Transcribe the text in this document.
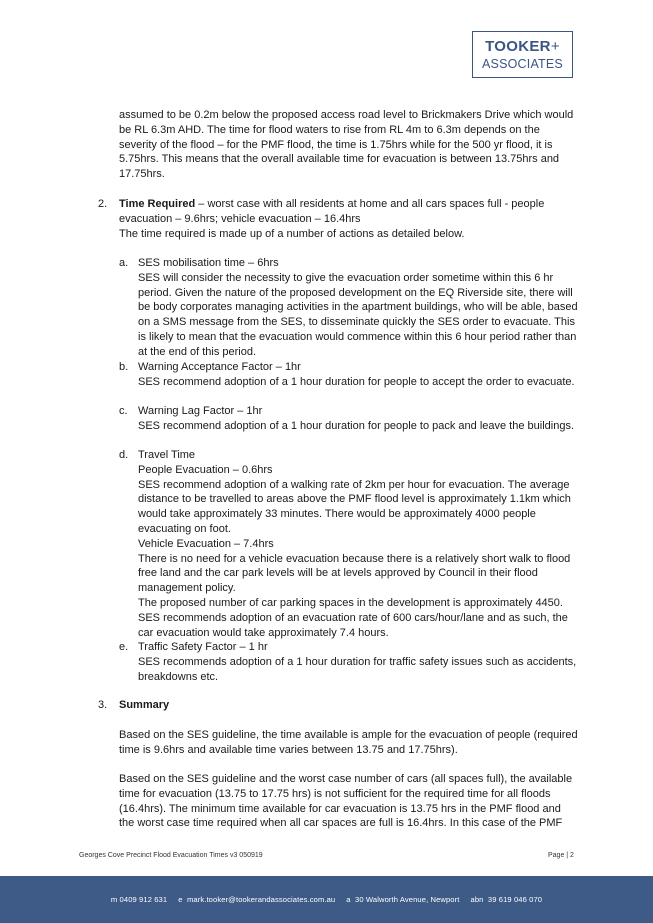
TOOKER+
ASSOCIATES
assumed to be 0.2m below the proposed access road level to Brickmakers Drive which would be RL 6.3m AHD. The time for flood waters to rise from RL 4m to 6.3m depends on the severity of the flood – for the PMF flood, the time is 1.75hrs while for the 500 yr flood, it is 5.75hrs. This means that the overall available time for evacuation is between 13.75hrs and 17.75hrs.
2. Time Required – worst case with all residents at home and all cars spaces full - people evacuation – 9.6hrs; vehicle evacuation – 16.4hrs
The time required is made up of a number of actions as detailed below.
a. SES mobilisation time – 6hrs
SES will consider the necessity to give the evacuation order sometime within this 6 hr period. Given the nature of the proposed development on the EQ Riverside site, there will be body corporates managing activities in the apartment buildings, who will be able, based on a SMS message from the SES, to disseminate quickly the SES order to evacuate. This is likely to mean that the evacuation would commence within this 6 hour period rather than at the end of this period.
b. Warning Acceptance Factor – 1hr
SES recommend adoption of a 1 hour duration for people to accept the order to evacuate.
c. Warning Lag Factor – 1hr
SES recommend adoption of a 1 hour duration for people to pack and leave the buildings.
d. Travel Time
People Evacuation – 0.6hrs
SES recommend adoption of a walking rate of 2km per hour for evacuation. The average distance to be travelled to areas above the PMF flood level is approximately 1.1km which would take approximately 33 minutes. There would be approximately 4000 people evacuating on foot.
Vehicle Evacuation – 7.4hrs
There is no need for a vehicle evacuation because there is a relatively short walk to flood free land and the car park levels will be at levels approved by Council in their flood management policy.
The proposed number of car parking spaces in the development is approximately 4450. SES recommends adoption of an evacuation rate of 600 cars/hour/lane and as such, the car evacuation would take approximately 7.4 hours.
e. Traffic Safety Factor – 1 hr
SES recommends adoption of a 1 hour duration for traffic safety issues such as accidents, breakdowns etc.
3. Summary
Based on the SES guideline, the time available is ample for the evacuation of people (required time is 9.6hrs and available time varies between 13.75 and 17.75hrs).
Based on the SES guideline and the worst case number of cars (all spaces full), the available time for evacuation (13.75 to 17.75 hrs) is not sufficient for the required time for all floods (16.4hrs). The minimum time available for car evacuation is 13.75 hrs in the PMF flood and the worst case time required when all car spaces are full is 16.4hrs. In this case of the PMF
Georges Cove Precinct Flood Evacuation Times v3 050919	Page | 2
m 0409 912 631     e  mark.tooker@tookerandassociates.com.au     a  30 Walworth Avenue, Newport     abn  39 619 046 070
